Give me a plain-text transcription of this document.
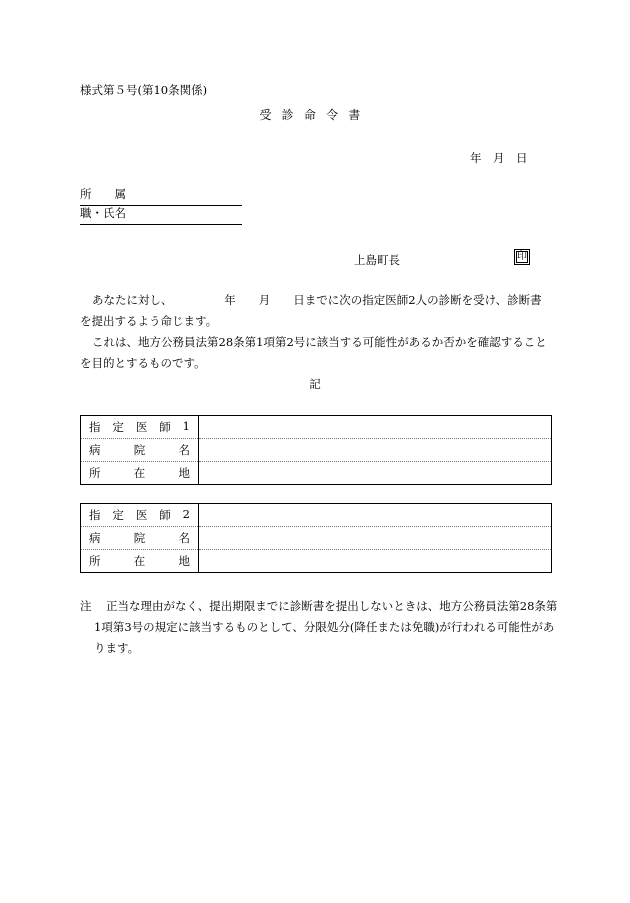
様式第５号(第10条関係)
受診命令書
年　月　日
所　　属
職・氏名
上島町長	印

あなたに対し、　　　　　年　　月　　日までに次の指定医師2人の診断を受け、診断書を提出するよう命じます。

これは、地方公務員法第28条第1項第2号に該当する可能性があるか否かを確認することを目的とするものです。

記
指 定 医 師 1	

病 院 名	

所 在 地	

指 定 医 師 2	

病 院 名	

所 在 地	

注	正当な理由がなく、提出期限までに診断書を提出しないときは、地方公務員法第28条第1項第3号の規定に該当するものとして、分限処分(降任または免職)が行われる可能性があります。
